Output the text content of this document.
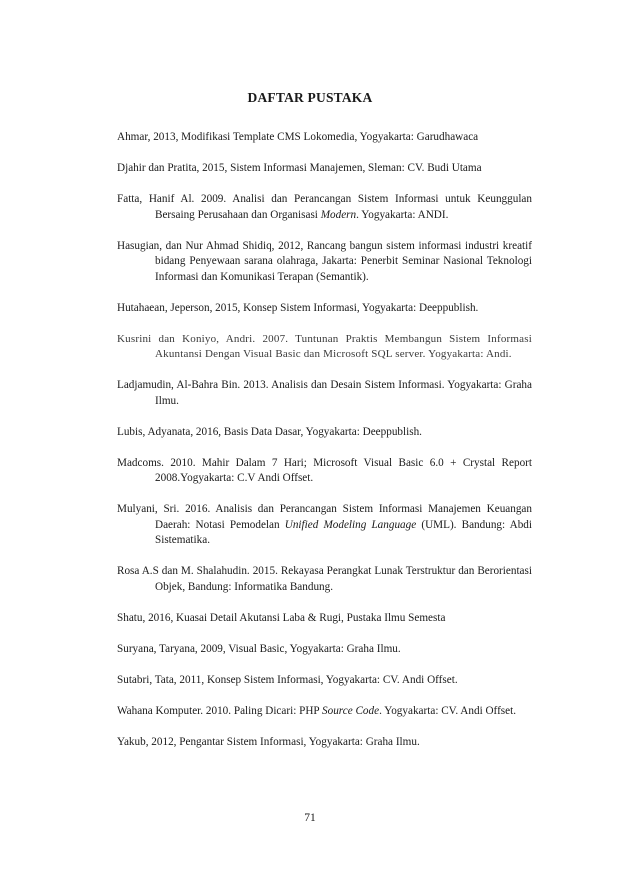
DAFTAR PUSTAKA

Ahmar, 2013, Modifikasi Template CMS Lokomedia, Yogyakarta: Garudhawaca

Djahir dan Pratita, 2015, Sistem Informasi Manajemen, Sleman: CV. Budi Utama

Fatta, Hanif Al. 2009. Analisi dan Perancangan Sistem Informasi untuk Keunggulan Bersaing Perusahaan dan Organisasi Modern. Yogyakarta: ANDI.

Hasugian, dan Nur Ahmad Shidiq, 2012, Rancang bangun sistem informasi industri kreatif bidang Penyewaan sarana olahraga, Jakarta: Penerbit Seminar Nasional Teknologi Informasi dan Komunikasi Terapan (Semantik).

Hutahaean, Jeperson, 2015, Konsep Sistem Informasi, Yogyakarta: Deeppublish.

Kusrini dan Koniyo, Andri. 2007. Tuntunan Praktis Membangun Sistem Informasi Akuntansi Dengan Visual Basic dan Microsoft SQL server. Yogyakarta: Andi.

Ladjamudin, Al-Bahra Bin. 2013. Analisis dan Desain Sistem Informasi. Yogyakarta: Graha Ilmu.

Lubis, Adyanata, 2016, Basis Data Dasar, Yogyakarta: Deeppublish.

Madcoms. 2010. Mahir Dalam 7 Hari; Microsoft Visual Basic 6.0 + Crystal Report 2008.Yogyakarta: C.V Andi Offset.

Mulyani, Sri. 2016. Analisis dan Perancangan Sistem Informasi Manajemen Keuangan Daerah: Notasi Pemodelan Unified Modeling Language (UML). Bandung: Abdi Sistematika.

Rosa A.S dan M. Shalahudin. 2015. Rekayasa Perangkat Lunak Terstruktur dan Berorientasi Objek, Bandung: Informatika Bandung.

Shatu, 2016, Kuasai Detail Akutansi Laba & Rugi, Pustaka Ilmu Semesta

Suryana, Taryana, 2009, Visual Basic, Yogyakarta: Graha Ilmu.

Sutabri, Tata, 2011, Konsep Sistem Informasi, Yogyakarta: CV. Andi Offset.

Wahana Komputer. 2010. Paling Dicari: PHP Source Code. Yogyakarta: CV. Andi Offset.

Yakub, 2012, Pengantar Sistem Informasi, Yogyakarta: Graha Ilmu.

71
